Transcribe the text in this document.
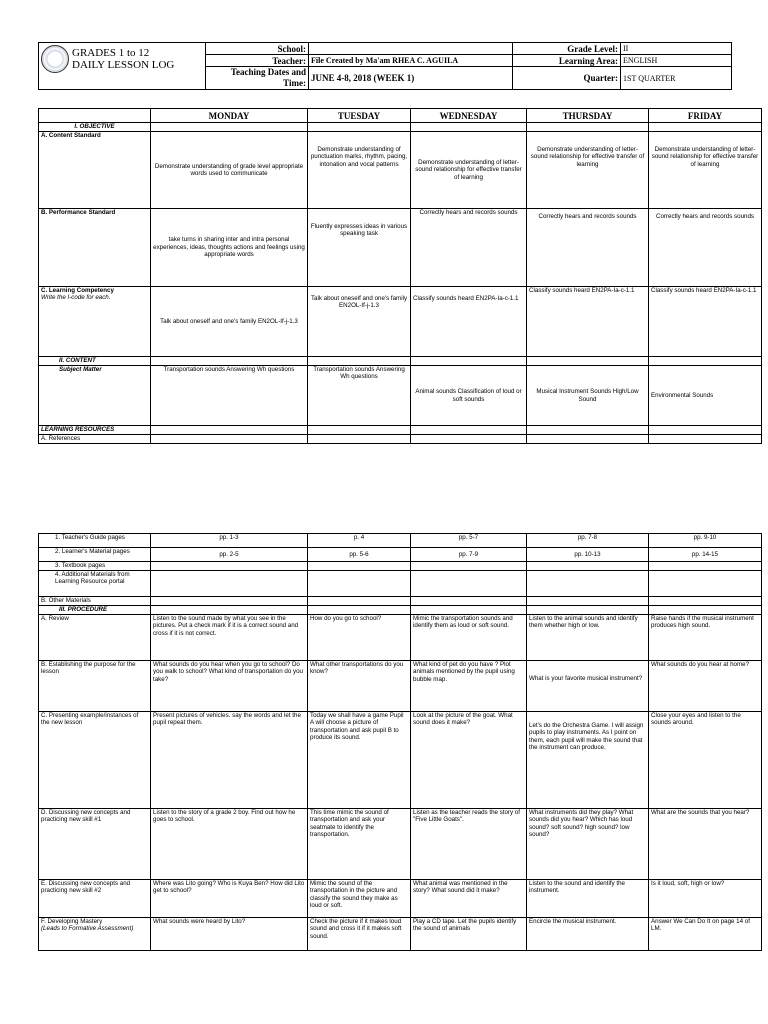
GRADES 1 to 12
DAILY LESSON LOG	School:		Grade Level:	II
	Teacher:	File Created by Ma'am RHEA C. AGUILA	Learning Area:	ENGLISH
	Teaching Dates and Time:	JUNE 4-8, 2018 (WEEK 1)	Quarter:	1ST QUARTER

	MONDAY	TUESDAY	WEDNESDAY	THURSDAY	FRIDAY
I. OBJECTIVE					
A. Content Standard	Demonstrate understanding of grade level appropriate words used to communicate	Demonstrate understanding of punctuation marks, rhythm, pacing, intonation and vocal patterns	Demonstrate understanding of letter-sound relationship for effective transfer of learning	Demonstrate understanding of letter-sound relationship for effective transfer of learning	Demonstrate understanding of letter-sound relationship for effective transfer of learning
B. Performance Standard	take turns in sharing inter and intra personal experiences, ideas, thoughts actions and feelings using appropriate words	Fluently expresses ideas in various speaking task	Correctly hears and records sounds	Correctly hears and records sounds	Correctly hears and records sounds

C. Learning Competency
Write the I-code for each.	Talk about oneself and one's family EN2OL-If-j-1.3	Talk about oneself and one's family EN2OL-If-j-1.3	Classify sounds heard EN2PA-Ia-c-1.1	Classify sounds heard EN2PA-Ia-c-1.1	Classify sounds heard EN2PA-Ia-c-1.1
II. CONTENT					
Subject Matter	Transportation sounds Answering Wh questions	Transportation sounds Answering Wh questions	Animal sounds Classification of loud or soft sounds	Musical Instrument Sounds High/Low Sound	Environmental Sounds
LEARNING RESOURCES					
A. References					
1. Teacher's Guide pages	pp. 1-3	p. 4	pp. 5-7	pp. 7-8	pp. 9-10
2. Learner's Material pages	pp. 2-5	pp. 5-6	pp. 7-9	pp. 10-13	pp. 14-15
3. Textbook pages					
4. Additional Materials from Learning Resource portal					
B. Other Materials					
III. PROCEDURE					
A. Review	Listen to the sound made by what you see in the pictures. Put a check mark if it is a correct sound and cross if it is not correct.	How do you go to school?	Mimic the transportation sounds and identify them as loud or soft sound.	Listen to the animal sounds and identify them whether high or low.	Raise hands if the musical instrument produces high sound.
B. Establishing the purpose for the lesson	What sounds do you hear when you go to school? Do you walk to school? What kind of transportation do you take?	What other transportations do you know?	What kind of pet do you have ? Plot animals mentioned by the pupil using bubble map.	What is your favorite musical instrument?	What sounds do you hear at home?
C. Presenting example/instances of the new lesson	Present pictures of vehicles. say the words and let the pupil repeat them.	Today we shall have a game Pupil A will choose a picture of transportation and ask pupil B to produce its sound.	Look at the picture of the goat. What sound does it make?	Let's do the Orchestra Game. I will assign pupils to play instruments. As I point on them, each pupil will make the sound that the instrument can produce.	Close your eyes and listen to the sounds around.
D. Discussing new concepts and practicing new skill #1	Listen to the story of a grade 2 boy. Find out how he goes to school.	This time mimic the sound of transportation and ask your seatmate to identify the transportation.	Listen as the teacher reads the story of "Five Little Goats".	What instruments did they play? What sounds did you hear? Which has loud sound? soft sound? high sound? low sound?	What are the sounds that you hear?
E. Discussing new concepts and practicing new skill #2	Where was Lito going? Who is Kuya Ben? How did Lito get to school?	Mimic the sound of the transportation in the picture and classify the sound they make as loud or soft.	What animal was mentioned in the story? What sound did it make?	Listen to the sound and identify the instrument.	Is it loud, soft, high or low?

F. Developing Mastery
(Leads to Formative Assessment)	What sounds were heard by Lito?	Check the picture if it makes loud sound and cross it if it makes soft sound.	Play a CD tape. Let the pupils identify the sound of animals	Encircle the musical instrument.	Answer We Can Do It on page 14 of LM.
